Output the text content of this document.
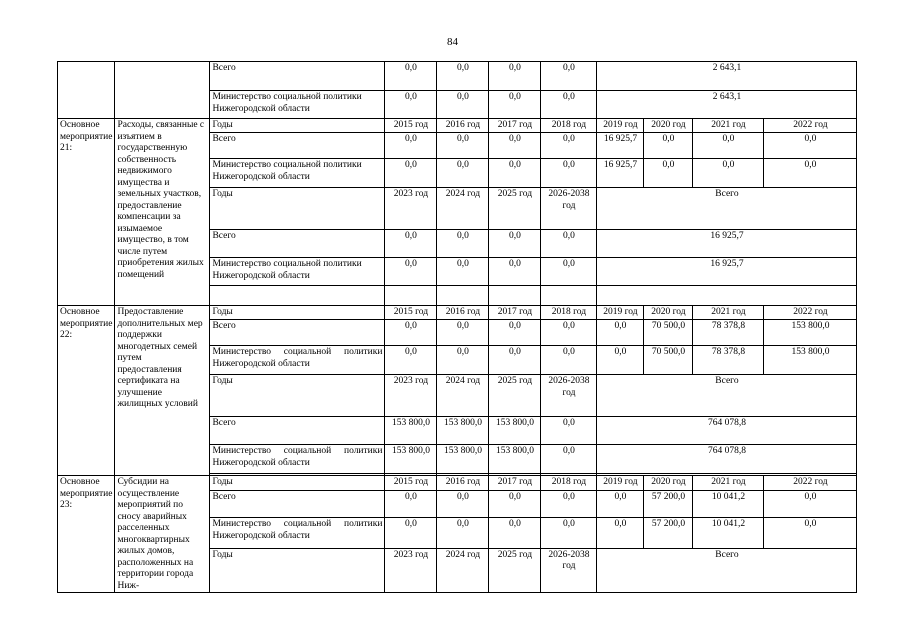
84
		Всего	0,0	0,0	0,0	0,0	2 643,1			
		Министерство социальной политики Нижегородской области	0,0	0,0	0,0	0,0	2 643,1			
Основное мероприятие 21:	Расходы, связанные с изъятием в государственную собственность недвижимого имущества и земельных участков, предоставление компенсации за изымаемое имущество, в том числе путем приобретения жилых помещений	Годы	2015 год	2016 год	2017 год	2018 год	2019 год	2020 год	2021 год	2022 год
		Всего	0,0	0,0	0,0	0,0	16 925,7	0,0	0,0	0,0
		Министерство социальной политики Нижегородской области	0,0	0,0	0,0	0,0	16 925,7	0,0	0,0	0,0
		Годы	2023 год	2024 год	2025 год	2026-2038 год	Всего			
		Всего	0,0	0,0	0,0	0,0	16 925,7			
		Министерство социальной политики Нижегородской области	0,0	0,0	0,0	0,0	16 925,7			

Основное мероприятие 22:	Предоставление дополнительных мер поддержки многодетных семей путем предоставления сертификата на улучшение жилищных условий	Годы	2015 год	2016 год	2017 год	2018 год	2019 год	2020 год	2021 год	2022 год
		Всего	0,0	0,0	0,0	0,0	0,0	70 500,0	78 378,8	153 800,0
		Министерство социальной политики Нижегородской области	0,0	0,0	0,0	0,0	0,0	70 500,0	78 378,8	153 800,0
		Годы	2023 год	2024 год	2025 год	2026-2038 год	Всего			
		Всего	153 800,0	153 800,0	153 800,0	0,0	764 078,8			
		Министерство социальной политики Нижегородской области	153 800,0	153 800,0	153 800,0	0,0	764 078,8			

Основное мероприятие 23:	Субсидии на осуществление мероприятий по сносу аварийных расселенных многоквартирных жилых домов, расположенных на территории города Ниж-	Годы	2015 год	2016 год	2017 год	2018 год	2019 год	2020 год	2021 год	2022 год
		Всего	0,0	0,0	0,0	0,0	0,0	57 200,0	10 041,2	0,0
		Министерство социальной политики Нижегородской области	0,0	0,0	0,0	0,0	0,0	57 200,0	10 041,2	0,0
		Годы	2023 год	2024 год	2025 год	2026-2038 год	Всего			
